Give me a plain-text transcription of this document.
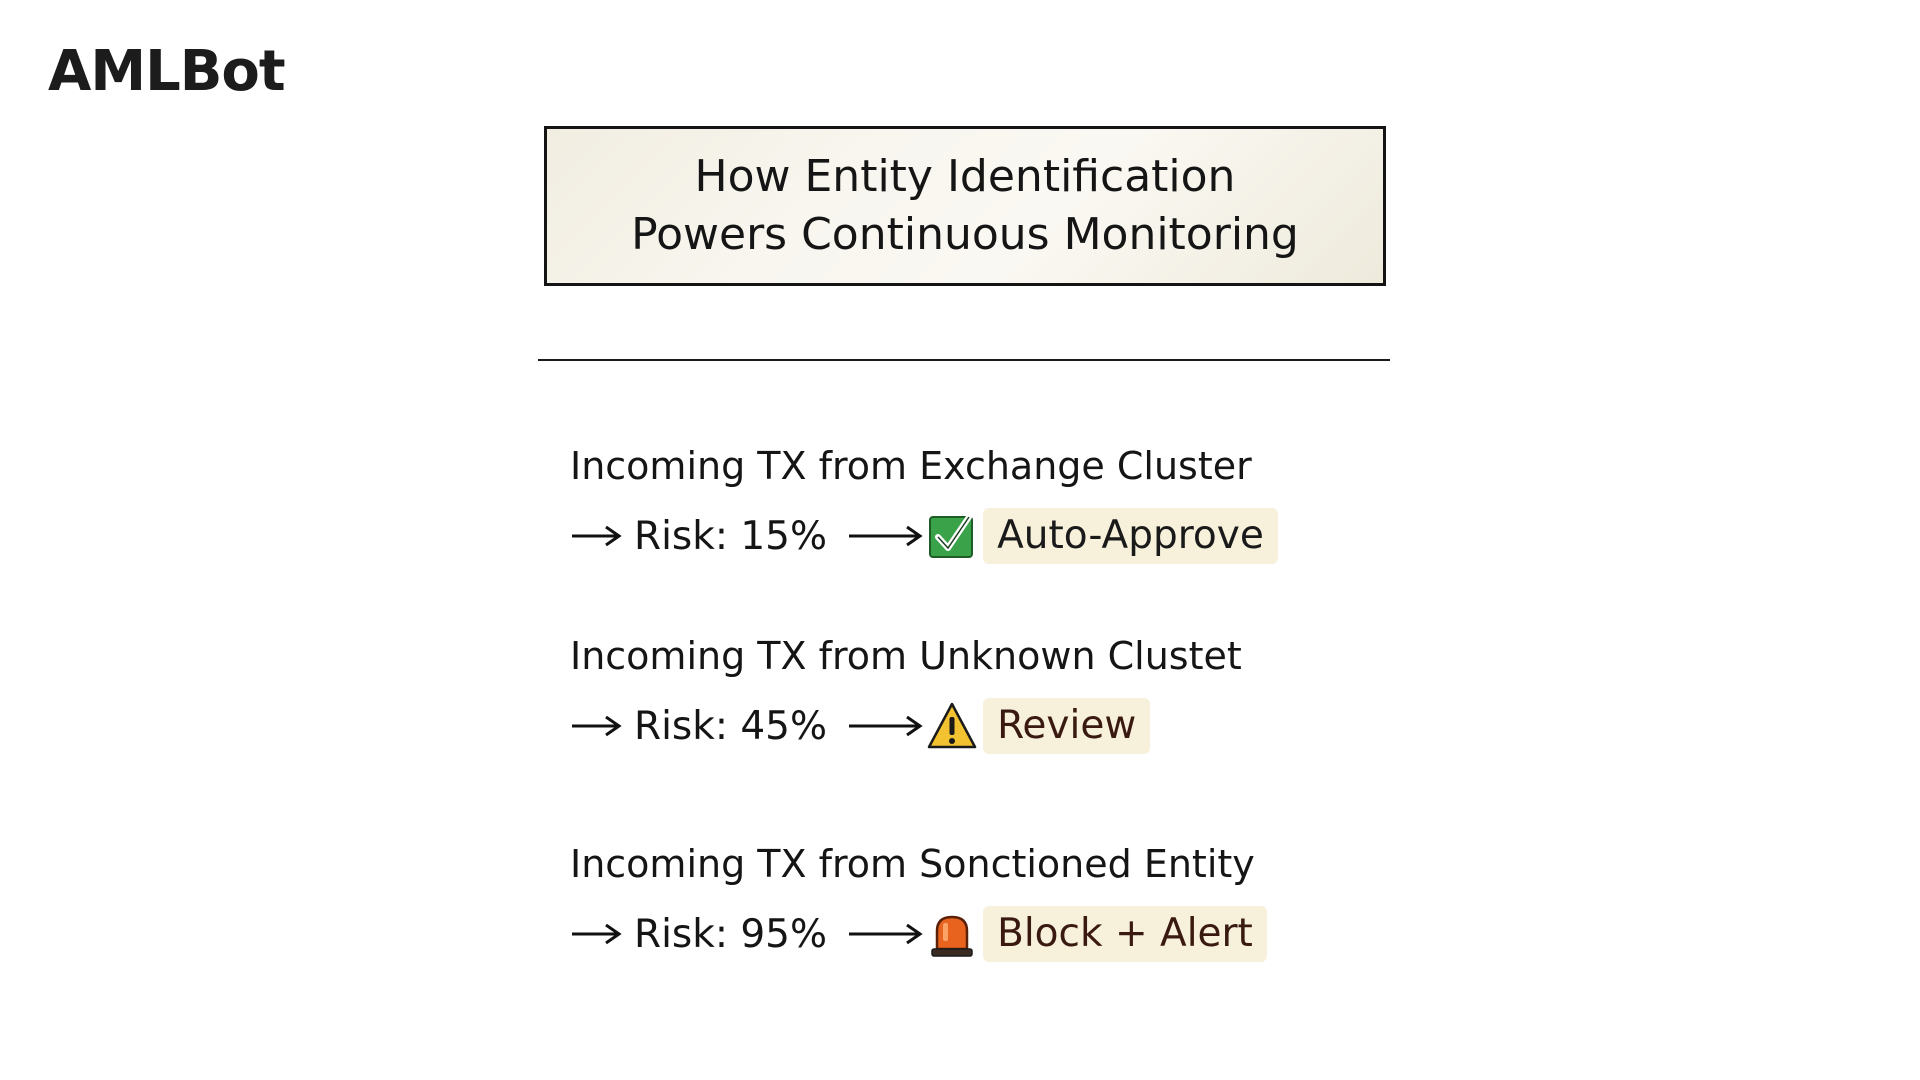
AMLBot
How Entity Identification
Powers Continuous Monitoring
Incoming TX from Exchange Cluster
Risk: 15%	Auto-Approve
Incoming TX from Unknown Clustet
Risk: 45%	Review
Incoming TX from Sonctioned Entity
Risk: 95%	Block + Alert
